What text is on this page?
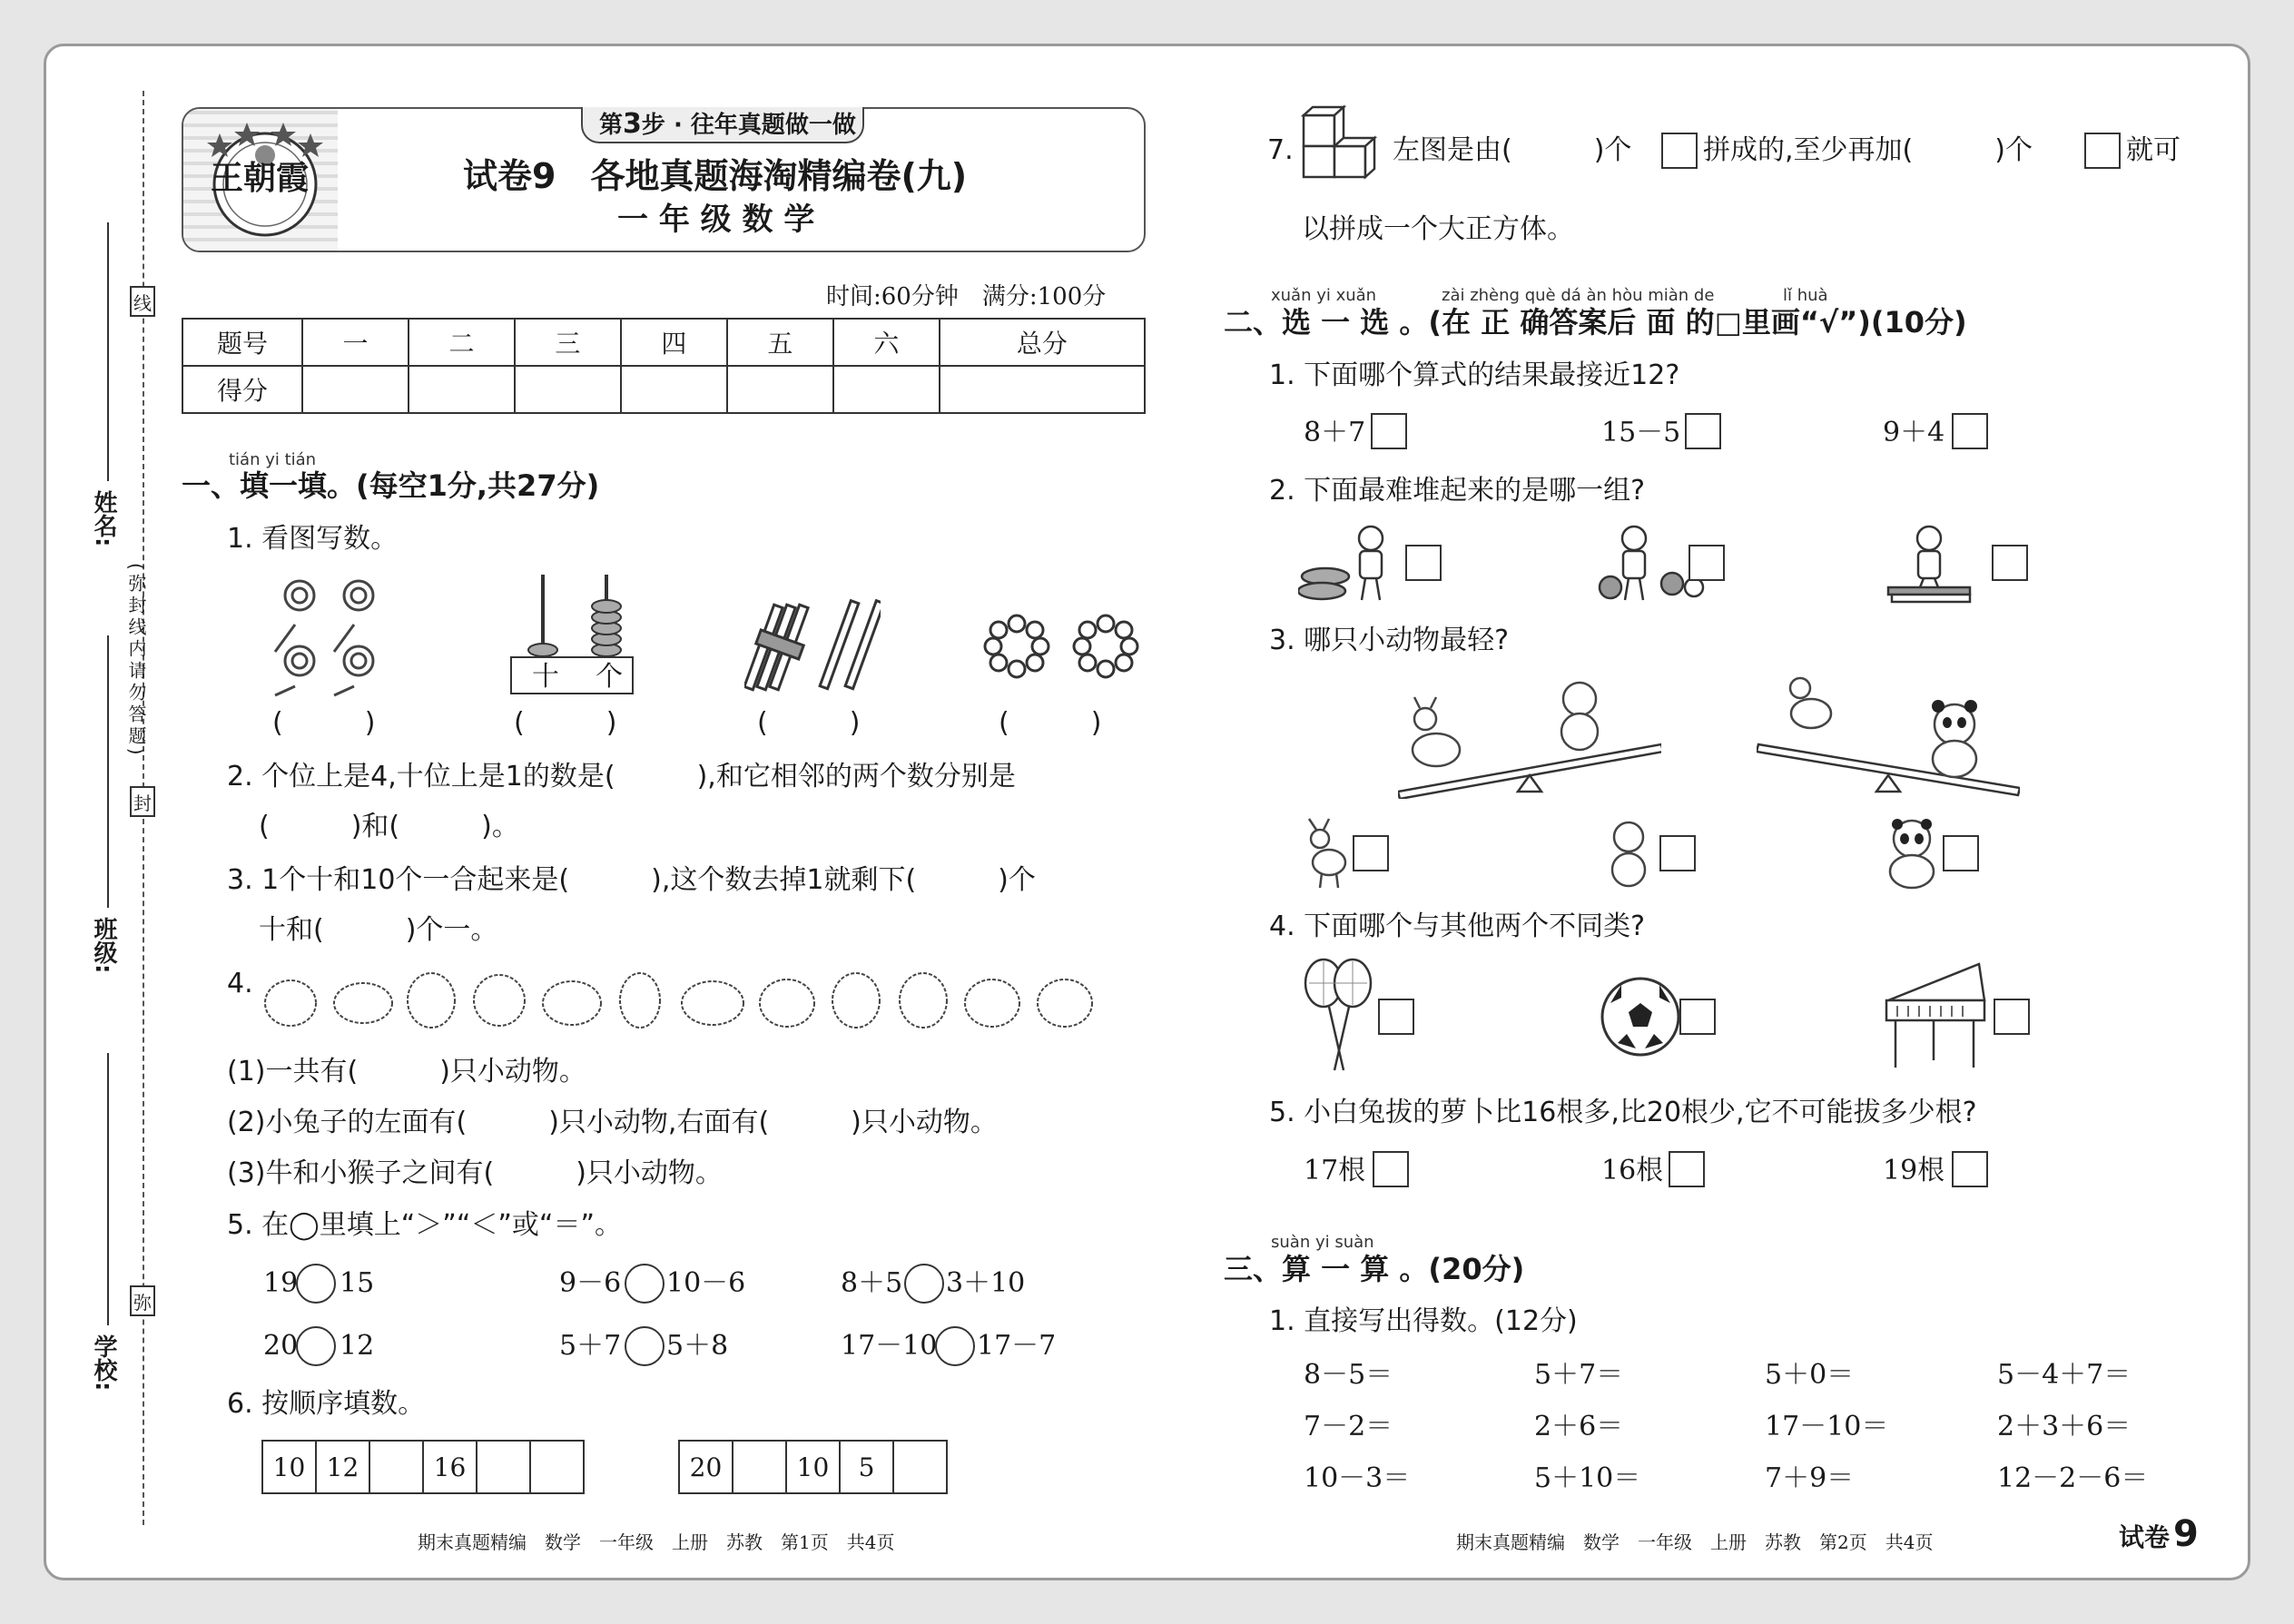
线
封
弥
(弥封线内请勿答题)
学校:
班级:
姓名:
王朝霞
第3步 · 往年真题做一做
试卷9　各地真题海淘精编卷(九)
一 年 级 数 学
时间:60分钟　满分:100分
题号	一	二	三	四	五	六	总分
得分							
tián yi tián
一、填一填。(每空1分,共27分)
1. 看图写数。
十 个
(　　　)	(　　　)	(　　　)	(　　　)
2. 个位上是4,十位上是1的数是(　　　),和它相邻的两个数分别是
(　　　)和(　　　)。
3. 1个十和10个一合起来是(　　　),这个数去掉1就剩下(　　　)个
十和(　　　)个一。
4.
(1)一共有(　　　)只小动物。
(2)小兔子的左面有(　　　)只小动物,右面有(　　　)只小动物。
(3)牛和小猴子之间有(　　　)只小动物。
5. 在◯里填上“＞”“＜”或“＝”。
19 15	9－6 10－6	8＋5 3＋10
20 12	5＋7 5＋8	17－10 17－7
6. 按顺序填数。
10	12		16			20		10	5	
期末真题精编　数学　一年级　上册　苏教　第1页　共4页
7.	左图是由(　　　)个	拼成的,至少再加(　　　)个	就可
以拼成一个大正方体。
xuǎn yi xuǎn	zài zhèng què dá àn hòu miàn de	lǐ huà
二、选 一 选 。(在 正 确答案后 面 的□里画“√”)(10分)
1. 下面哪个算式的结果最接近12?
8＋7	15－5	9＋4
2. 下面最难堆起来的是哪一组?
3. 哪只小动物最轻?
4. 下面哪个与其他两个不同类?
5. 小白兔拔的萝卜比16根多,比20根少,它不可能拔多少根?
17根	16根	19根
suàn yi suàn
三、算 一 算 。(20分)
1. 直接写出得数。(12分)
8－5＝	5＋7＝	5＋0＝	5－4＋7＝
7－2＝	2＋6＝	17－10＝	2＋3＋6＝
10－3＝	5＋10＝	7＋9＝	12－2－6＝
期末真题精编　数学　一年级　上册　苏教　第2页　共4页	试卷 9
